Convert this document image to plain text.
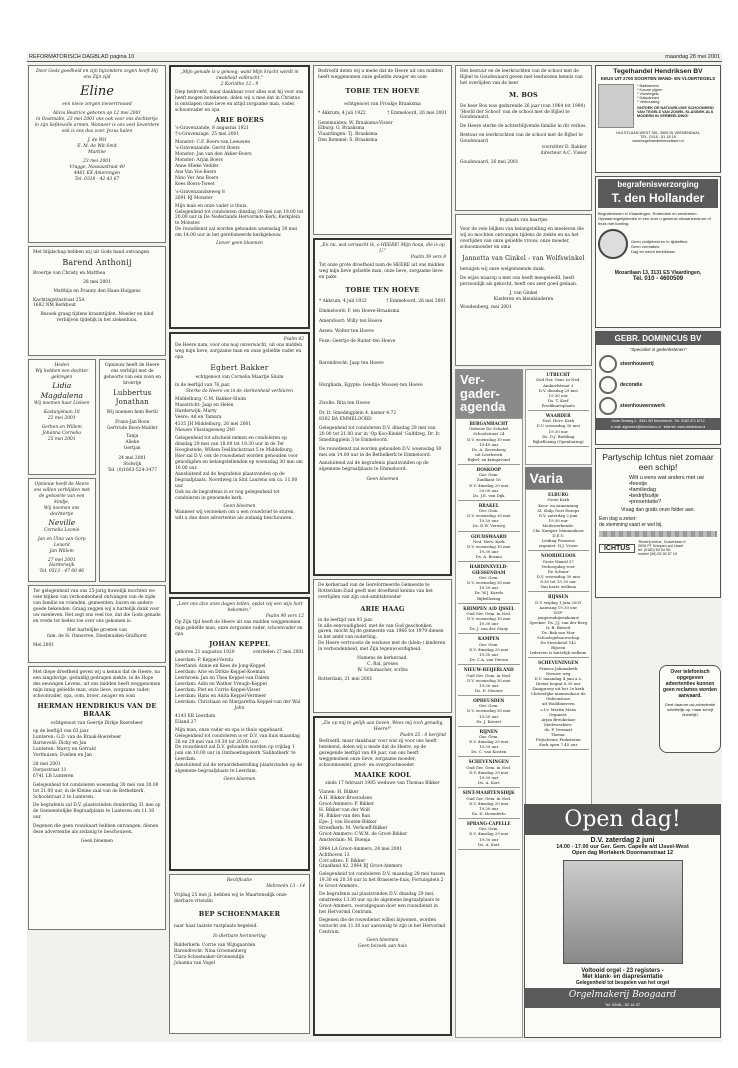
REFORMATORISCH DAGBLAD pagina 10	maandag 28 mei 2001
Door Gods goedheid en zijn bijzondere zegen heeft Hij ons Zijn zijd
Eline
een niece zorgen toevertrouwd
Alicia Beatrice geboren op 12 mei 2001
in Oostmalle, 23 mei 2001 ons ook voor ons dochtertje
in zijn liefdevolle armen. Wanneer is ons veel lieverdere
ook is ons dus voor. Jezus halen
J. de Wit
E. M. de Wit-Smit
Martine
23 mei 2001
Vrugge, Nassaustraat 40
4461 EX Amerongen
Tel. 0318 - 42 43 67
Met blijdschap hebben wij uit Gods hand ontvangen
Barend Anthonij
Broertje van Christy en Matthea
28 mei 2001
Matthijs en Franny den Haan-Huijgens
Kachtingstinstraat 25A
1682 NM Berkhout
Bezoek graag tijdens kraamtijden. Moeder en kind verblijven tijdelijk in het ziekenhuis.
Heden
Wij hebben een dochter
gekregen
Lidia Magdalena
Wij noemen haar Lieleen
Kastanjelaan 18
22 mei 2001
Gerben en Willem
Johanna Cornelia
25 mei 2001
Opnieuw heeft de Heere ons willen verblijden met de geboorte van een kindje.
Wij noemen ons dochtertje
Neville
Cornelia Leonie
Jan en Ulna van Gorp
Lenard
Jan Willem
27 mei 2001
Harderwijk
Tel. 0513 - 47 00 46
Opnieuw heeft de Heere ons verblijd met de geboorte van een zoon en broertje
Lubbertus Jonathan
Wij noemen hem Bertil
Frans-Jan Boon
Gertrude Boon-Mulder
Tanja
Alieke
Gertjan
24 mei 2001
Stolwijk
Tel. (0)1603-524-3477
Ter gelegenheid van ons 25-jarig huwelijk mochten we vele blijken van verbondenheid ontvangen van de zijde van familie en vrienden, gemeenten, buren en andere goede bekenden. Graag zeggen wij u hartelijk dank voor uw meeleven. Het zegt ons veel toe, dat die Gods genade en vrede tot heden toe over ons gekomen is.
Met hartelijke groeten van
fam. de H. Onnevree, Dieslmuiden-Grafhorst
Mei 2001
Met diepe droefheid geven wij u kennis dat de Heere, na een langdurige, geduldig gedragen ziekte, in de Hope des eeuwigen Levens, uit ons midden heeft weggenomen mijn innig geliefde man, onze lieve, zorgzame vader, schoonvader, opa, oom, broer, zwager en oom
HERMAN HENDRIKUS VAN DE BRAAK
echtgenoot van Geertje Dirkje Boerebeer
op de leeftijd van 63 jaar.
Lunteren: G.D. van de Braak-Boerebeer
Barneveld: Dicky en Jan
Lunteren: Marcy en Gerrald
Vorthuizen: Evelien en Jan
28 mei 2001
Dorpsstraat 11
6741 LB Lunteren
Gelegenheid tot condoleren woensdag 30 mei van 20.00 tot 21.00 uur, in de Kleine zaal van de Bethelkerk, Schoolstraat 2 te Lunteren.
De begrafenis zal D.V. plaatsvinden donderdag 31 mei op de Gemeentelijke Begraafplaats te Lunteren om 11.30 uur.
Degenen die geen rouwkaart hebben ontvangen, dienen deze advertentie als zodanig te beschouwen.
Geen bloemen
„Mijn genade is u genoeg; want Mijn kracht wordt in zwakheid volbracht."
2 Korinthe 12 : 9
Diep bedroefd, maar dankbaar voor alles wat hij voor ons heeft mogen betekenen, delen wij u mee dat in Christus is ontslapen onze lieve en altijd zorgzame man, vader, schoonvader en opa
ARIE BOERS
's-Gravenzande, 8 augustus 1921
†'s-Gravenzage, 25 mei 2001
Monster: C.F. Boers-van Leeuwen
's-Gravenzande: Gerrit Boers
Monster: Jan van den Akker-Boers
Monster: Arjan Boers
Anne Mieke Vedder
Ans Van Vos-Boers
Nino Ver Ans Boers
Kees Boers-Tweet
's-Gravenzandseweg 8
2691 RJ Monster
Mijn man en onze vader is thuis.
Gelegenheid tot condoleren dinsdag 29 mei van 19.00 tot 20.00 uur in De Nederlands Hervormde Kerk, Kerkplein te Monster.
De rouwdienst zal worden gehouden woensdag 30 mei om 14.00 uur in het gerefomeerde kerkgebouw.
Liever geen bloemen
Psalm 42
De Heere nam, voor ons nog onverwacht, uit ons midden weg mijn lieve, zorgzame man en onze geliefde vader en opa
Egbert Bakker
echtgenoot van Cornelia Maartje Sluim
in de leeftijd van 76 jaar.
Sterke do Heere on in de sterkenheid verbluren
Middelburg: C.M. Bakker-Sluim
Maastricht: Jaap en Helen
Harderwijk: Marty
Veere: Ad en Tamara
4335 JH Middelburg, 26 mei 2001
Nieuwe Vlissingseweg 240
Gelegenheid tot afscheid nemen en condoleren op dinsdag 29 mei van 18.00 tot 19.30 uur in de Ter Hooghstede, Willem Teellinckstraat 5 te Middelburg.
Hier zal D.V. ook de rouwdienst worden gehouden voor genodigden en belangstellenden op woensdag 30 mei om 10.00 uur.
Aansluitend zal de begrafenis plaatsvinden op de begraafplaats, Noordweg in Sint Laurens om ca. 11.00 uur.
Ook na de begrafenis is er nog gelegenheid tot condoleren in genoemde kerk.
Geen bloemen
Wanneer wij verzoeken om u een rouwbrief te sturen, wilt u dan deze advertentie als zodanig beschouwen.
„Leer ons alzo onze dagen tellen, opdat wij een wijs hart bekomen."
Psalm 90 vers 12
Op Zijn tijd heeft de Heere uit ons midden weggenomen mijn geliefde man, onze zorgzame vader, schoonvader en opa
JOHAN KEPPEL
geboren 21 augustus 1920	overleden 27 mei 2001
Leerdam: P. Keppel-Verslu
Neerland: Annie en Kees de Jong-Keppel
Leerdam: Arie en Dirkie Keppel-Koeman
Leerbroek: Jan en Thea Keppel-van Dalem
Leerdam: Adin en Wather Vreugh-Keppel
Leerdam: Piet en Corrie Keppel-Visser
Leerdam: Hans en Anita Keppel-Vermeer
Leerdam: Christiaan en Margaretha Keppel-van der Wal
John
4143 EB Leerdam
Eiland 27
Mijn man, onze vader en opa is thuis opgebaard.
Gelegenheid tot condoleren is er D.V. van huis maandag 28 en 29 mei van 19.30 tot 20.00 uur.
De rouwdienst zal D.V. gehouden worden op vrijdag 1 juni om 10.00 uur in Ontmoetingskerk 'Sabbatkerk' te Leerdam.
Aansluitend zal de teraardebestelling plaatsvinden op de algemene begraafplaats te Leerdam.
Geen bloemen
Rectificatie
Hebreeën 13 : 14
Vrijdag 25 mei jl. hebben wij te Maartensdijk onze dierbare vriendin
BEP SCHOENMAKER
naar haar laatste rustplaats begeleid.
In dierbare herinnering
Ridderkerk: Corrie van Wijngaarden
Barendrecht: Nina Groenenberg
Clara Schoemaker-Groenendijk
Johanna van Vogel
Bedroefd delen wij u mede dat de Heere uit ons midden heeft weggenomen onze geliefde zwager en oom
TOBIE TEN HOEVE
echtgenoot van Froukje Braaksma
* Akkrum, 4 juli 1922	† Emmeloord, 26 mei 2001
Genemuiden: W. Braaksma-Visser
Elburg: G. Braaksma
Vlaardingen: Tj. Braaksma
Den Bommel: S. Braaksma
„En nu, wat verwacht ik, o HEERE! Mijn hoop, die is op U."
Psalm 39 vers 8
Tot onze grote droefheid nam de HEERE uit ons midden weg mijn lieve geliefde man, onze lieve, zorgzame lieve en pake
TOBIE TEN HOEVE
* Akkrum, 4 juli 1922	† Emmeloord, 26 mei 2001
Emmeloord: F. ten Hoeve-Braaksma
Amersfoort: Willy ten Hoeve
Assen: Wolter ten Hoeve
Foxe: Geertje de Ruiter-ten Hoeve
Barendrecht: Jaap ten Hoeve
Hurghada, Egypte: Geeltije Moosey-ten Hoeve
Zwolle: Rita ten Hoeve
Dr. Ir. Smedingplein 4, kamer 4-72
8302 BA EMMELOORD
Gelegenheid tot condoleren D.V. dinsdag 29 mei van 20.00 tot 21.00 uur in 'Op Koo-Kindel' Gulfdreg, Dr. Ir. Smedingplein 3 te Emmeloord.
De rouwdienst zal worden gehouden D.V. woensdag 30 mei om 14.00 uur in de Bethelkerk te Emmeloord.
Aansluitend zal de begrafenis plaatsvinden op de algemene begraafplaats te Emmeloord.
Geen bloemen
De kerkeraad van de Gereformeerde Gemeente te Rotterdam-Zuid geeft met droefheid kennis van het overlijden van zijn oud-ambtsbroeder
ARIE HAAG
in de leeftijd van 93 jaar.
In alle eenvoudigheid, met de van God geschonken gaven, mocht hij de gemeente van 1966 tot 1979 dienen in het ambt van ouderling.
De Heere vertrooste de weduwe met de (klein-) kinderen in verbondenheid, met Zijn tegenwoordigheid.
Namens de kerkeraad,
C. Bal, preses
W. Schumacher, scriba
Rotterdam, 21 mei 2001
„Zie op mij te gelijk aan boven, Wees mij toch genadig, Heere!"
Psalm 25 : 8 berijmd
Bedroefd, maar dankbaar voor wat zij voor ons heeft betekend, delen wij u mede dat de Heere, op de gezegende leeftijd van 89 jaar, van ons heeft weggenomen onze lieve, zorgzame moeder, schoonmoeder, groot- en overgrootmoeder
MAAIKE KOOL
sinds 17 februari 1985 weduwe van Thomas Bikker
Vianen: H. Bikker
A.H. Bikker-Broeradsen
Groot-Ammers: P. Bikker
H. Bikker-van der Wolf
M. Bikker-van den Ban
Epe: J. van Houten-Bikker
Streefkerk: M. Verhoeff-Bikker
Groot-Ammers: C.W.M. de Groot-Bikker
Amsterdam: M. Buenja
2964 LA Groot-Ammers, 24 mei 2001
Achthoven 13
Corr.adres: F. Bikker
Graafland 42, 2964 BJ Groot-Ammers
Gelegenheid tot condoleren D.V. maandag 28 mei tussen 19.30 en 20.30 uur in het Brasserie-huis, Fortuinplein 2 te Groot-Ammers.
De begrafenis zal plaatsvinden D.V. dinsdag 29 mei, omstreeks 13.30 uur op de algemene begraafplaats te Groot-Ammers, voorafgegaan door een rouwdienst in het Hervormd Centrum.
Degenen die de rouwdienst willen bijwonen, worden verzocht om 11.30 uur aanwezig te zijn in het Hervormd Centrum.
Geen bloemen
Geen bezoek aan huis
Het bestuur en de leerkrachten van de school met de Bijbel te Goudswaard geven met leedwezen kennis van het overlijden van de heer
M. BOS
De heer Bos was gedurende 26 jaar (van 1964 tot 1990) 'Hoofd der School' van de school met de Bijbel te Goudswaard.
De Heere sterke de achterblijvende familie in dit verlies.
Bestuur en leerkrachten van de school met de Bijbel te Goudswaard
voorzitter D. Bakker
directeur A.C. Visser
Goudswaard, 26 mei 2001
In plaats van kaartjes
Voor de vele blijken van belangstelling en meeleven die wij zo mochten ontvangen tijdens de ziekte en na het overlijden van onze geliefde vrouw, onze moeder, schoonmoeder en oma
Jannetta van Ginkel - van Wolfswinkel
betuigen wij onze welgemeende dank.
De wijze waarop u met ons heeft meegeleefd, heeft persoonlijk als gekocht, heeft ons zeer goed gedaan.
J. van Ginkel
Kinderen en kleinkinderen
Woudenberg, mei 2001
Ver-
gader-
agenda
BERGAMBACHT

Gebouw De Schakel
Schoolstraat 24
D.V. woensdag 30 mei
19.45 uur
Ds. A. Zevenberg
uit Leerbroek
Bijbel- en kringavond
BOSKOOP

Gar. Gem.
Zuidkant 16
D.V. dinsdag 29 mei
20.00 uur
Ds. J.E. van Dijk
BRAKEL

Ger. Gem.
D.V. woensdag 30 mei
19.30 uur
Ds. D.W. Verweij
GOUDSWAARD

Ned. Herv. Kerk
D.V. woensdag 30 mei
19.30 uur
Ds. A. Bosma
HARDINXVELD-GIESSENDAM

Ger. Gem.
D.V. woensdag 30 mei
19.30 uur
Ds. W.J. Karels
Bijbellezing
KRIMPEN A/D IJSSEL

Oud Ger. Gem. in Ned.
D.V. woensdag 30 mei
19.30 uur
Ds. J. van der Staay
KAMPEN

Ger. Gem.
D.V. dinsdag 29 mei
19.30 uur
Ds. C.A. van Dieren
NIEUW-BEIJERLAND

Oud Ger. Gem. in Ned.
D.V. woensdag 30 mei
19.30 uur
Ds. D. Mouter
OPHEUSDEN

Ger. Gem.
D.V. woensdag 30 mei
19.30 uur
Ds. J. Kieviet
RIJNEN

Gar. Gem.
D.V. dinsdag 29 mei
19.30 uur
Ds. C. van Kooten
SCHEVENINGEN

Oud Ger. Gem. in Ned.
D.V. dinsdag 29 mei
19.30 uur
Ds. A. Kort
SINT-MAARTENSDIJK

Oud Ger. Gem. in Ned.
D.V. dinsdag 29 mei
19.30 uur
Ds. D. Hoenderlo
SPRANG-CAPELLE

Ger. Gem.
D.V. dinsdag 29 mei
19.30 uur
Ds. A. Kort
UTRECHT

Oud Ger. Gem. in Ned.
Amburfstraat 3
D.V. dinsdag 29 mei
19.30 uur
Ds. T. Korf
Predikantsplaats
WAARDER

Ned. Herv. Kerk
D.V. woensdag 30 mei
19.30 uur
Ds. D.J. Budding
Bijbellezing (Openbaring)
Varia
ELBURG

Grote Kerk
Koor- en samenzang
Sl. Shilp Goei Europs
D.V. zaterdag 2 juni
19.30 uur
Medewerkende:
Chr. Kamper Mannenkoor D.E.V.
Leiding Prinsens
organist: H.J. Vroon
NOORDELOOS

Grote Waard 37
Verkoopdag voor
De Schuur
D.V. woensdag 30 mei
8.30 tot 15.30 uur
Van harte welkom
RIJSSEN

D.V. vrijdag 1 juni 2001
Aanvang 19.30 uur
SGP-
jongerenbijeenkomst
Spreker: Ds. J.J. van der Berg
Ir. B. Bieseit
Ds. Bak van Mur
Schoolsgebouwschap
De Stroeketel 142
Rijssen
Iedereen is hartelijk welkom
SCHEVENINGEN

Prinses Julianakerk
Nieuwe weg
D.V. maandag 4 juni a.s.
Dienst begint 8.30 uur
Zanggroep uit het 2e kerk
Christelijke mannenkoor de Gideonstoor
uit Waddinxveen
o.l.v. Martin Mans
Organist:
Arjan Breukelaar
Medewerkers:
ds. P. Vermaat
Thema:
Prijscheurs Pinksteren
Kerk open 7.45 uur
Tegelhandel Hendriksen BV
KEUS UIT 2700 SOORTEN WAND- EN VLOERTEGELS
* Badkamers
* Kouwe pijpen
* Vloertegels
* Dakpannen
* Verbouwing
ONTDEK DE NATUURLIJKE SCHOONHEID VAN TEGELS VAN ZOWEL KLASSIEK ALS MODERN IN VERBEELDING!
HULSTLAAN WEST 381, 3905 IN VEENENDAAL
TEL. 0318 - 51 18 18
www.tegelhandelhendriksen.nl
begrafenisverzorging
T. den Hollander
Begrafenissen in Vlaardingen, Rotterdam en omstreken.
Opbaarmogelijkheden in een door u gewenst uitvaartcentrum of thuis met koeling.
Geen vrolijkheid en in tijdseffect.
Geen crematies.
Dag en nacht bereikbaar.
Mozartlaan 13, 3131 ES Vlaardingen,
Tel. 010 - 4600509
GEBR. DOMINICUS BV
"Specialist in gedenkstenen"
steenhouwerij
decoratie
steenhouwerswerk
Oude Zeeweg 2 - 8391 SR Moordrecht - Tel. 0182-371 6712
e-mail: algemeen@dominicus.nl · internet: www.dominicus.nl
Partyschip Ichtus niet zomaar een schip!
Wilt u eens wat anders met uw •feestje
•familiedag
•bedrijfsuitje
•presentatie?
Vraag dan gratis onze folder aan.
Een dag a zeker:
de stemming vaart er wel bij.
ICHTUS
'Rederij Ichtus', Duivenlaan 6
2926 PT Krimpen a/d IJssel
tel. (0180) 50 04 90,
mobiel (06) 52 90 57 10
Over telefonisch opgegeven advertenties kunnen geen reclames worden aanvaard.
Geef daarom uw advertentie schriftelijk op, maar schrijf duidelijk!
Open dag!
D.V. zaterdag 2 juni
14.00 - 17.00 uur Ger. Gem. Capelle a/d IJssel-West
Open dag Moriakerk Doormanstraat 12
Voltooid orgel - 23 registers -
Met klank- en diapresentatie
Gelegenheid tot bespelen van het orgel
Orgelmakerij Boogaard
Tel. 0546 - 52 16 37
